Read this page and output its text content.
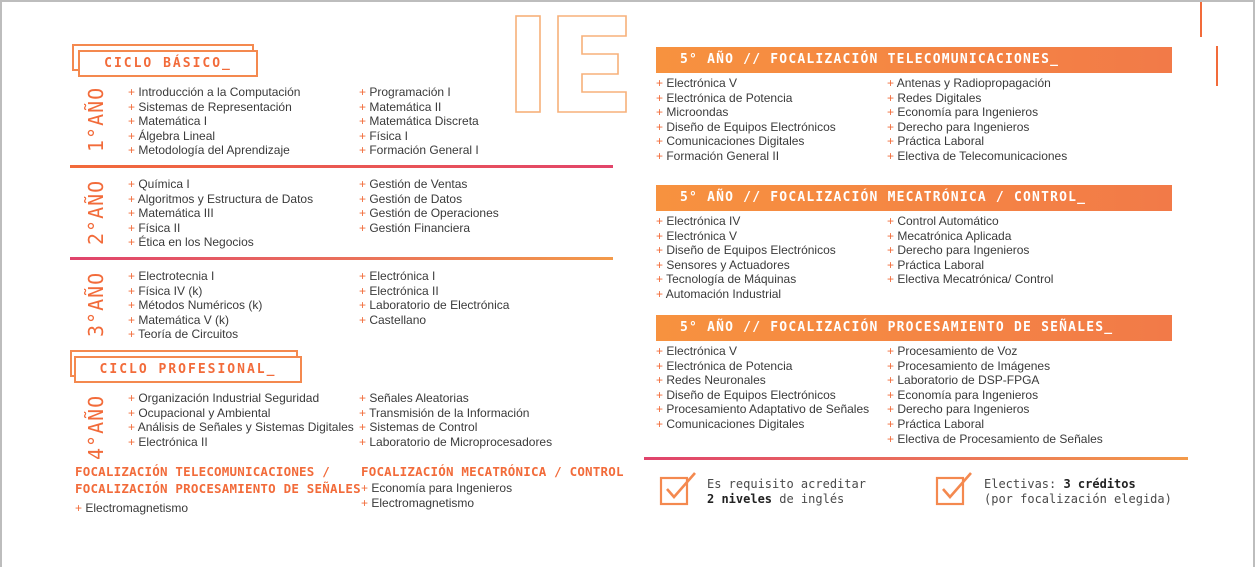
CICLO BÁSICO_
1°AÑO	+ Introducción a la Computación
+ Sistemas de Representación
+ Matemática I
+ Álgebra Lineal
+ Metodología del Aprendizaje
+ Programación I
+ Matemática II
+ Matemática Discreta
+ Física I
+ Formación General I
2°AÑO	+ Química I
+ Algoritmos y Estructura de Datos
+ Matemática III
+ Física II
+ Ética en los Negocios
+ Gestión de Ventas
+ Gestión de Datos
+ Gestión de Operaciones
+ Gestión Financiera
3°AÑO	+ Electrotecnia I
+ Física IV (k)
+ Métodos Numéricos (k)
+ Matemática V (k)
+ Teoría de Circuitos
+ Electrónica I
+ Electrónica II
+ Laboratorio de Electrónica
+ Castellano
CICLO PROFESIONAL_
4°AÑO	+ Organización Industrial Seguridad
+ Ocupacional y Ambiental
+ Análisis de Señales y Sistemas Digitales
+ Electrónica II
+ Señales Aleatorias
+ Transmisión de la Información
+ Sistemas de Control
+ Laboratorio de Microprocesadores
FOCALIZACIÓN TELECOMUNICACIONES /
FOCALIZACIÓN PROCESAMIENTO DE SEÑALES
+ Electromagnetismo
FOCALIZACIÓN MECATRÓNICA / CONTROL
+ Economía para Ingenieros
+ Electromagnetismo
5° AÑO // FOCALIZACIÓN TELECOMUNICACIONES_
+ Electrónica V
+ Electrónica de Potencia
+ Microondas
+ Diseño de Equipos Electrónicos
+ Comunicaciones Digitales
+ Formación General II
+ Antenas y Radiopropagación
+ Redes Digitales
+ Economía para Ingenieros
+ Derecho para Ingenieros
+ Práctica Laboral
+ Electiva de Telecomunicaciones
5° AÑO // FOCALIZACIÓN MECATRÓNICA / CONTROL_
+ Electrónica IV
+ Electrónica V
+ Diseño de Equipos Electrónicos
+ Sensores y Actuadores
+ Tecnología de Máquinas
+ Automación Industrial
+ Control Automático
+ Mecatrónica Aplicada
+ Derecho para Ingenieros
+ Práctica Laboral
+ Electiva Mecatrónica/ Control
5° AÑO // FOCALIZACIÓN PROCESAMIENTO DE SEÑALES_
+ Electrónica V
+ Electrónica de Potencia
+ Redes Neuronales
+ Diseño de Equipos Electrónicos
+ Procesamiento Adaptativo de Señales
+ Comunicaciones Digitales
+ Procesamiento de Voz
+ Procesamiento de Imágenes
+ Laboratorio de DSP-FPGA
+ Economía para Ingenieros
+ Derecho para Ingenieros
+ Práctica Laboral
+ Electiva de Procesamiento de Señales
Es requisito acreditar
2 niveles de inglés
Electivas: 3 créditos
(por focalización elegida)
